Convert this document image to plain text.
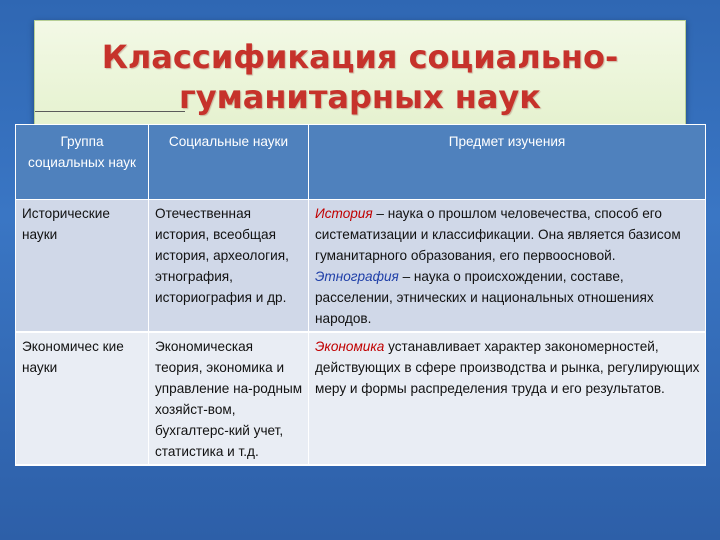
Классификация социально-
гуманитарных наук
Группа социальных наук	Социальные науки	Предмет изучения
Исторические науки	Отечественная история, всеобщая история, археология, этнография, историография и др.	История – наука о прошлом человечества, способ его систематизации и классификации. Она является базисом гуманитарного образования, его первоосновой. Этнография – наука о происхождении, составе, расселении, этнических и национальных отношениях народов.
Экономичес кие науки	Экономическая теория, экономика и управление на-родным хозяйст-вом, бухгалтерс-кий учет, статистика и т.д.	Экономика устанавливает характер закономерностей, действующих в сфере производства и рынка, регулирующих меру и формы распределения труда и его результатов.
